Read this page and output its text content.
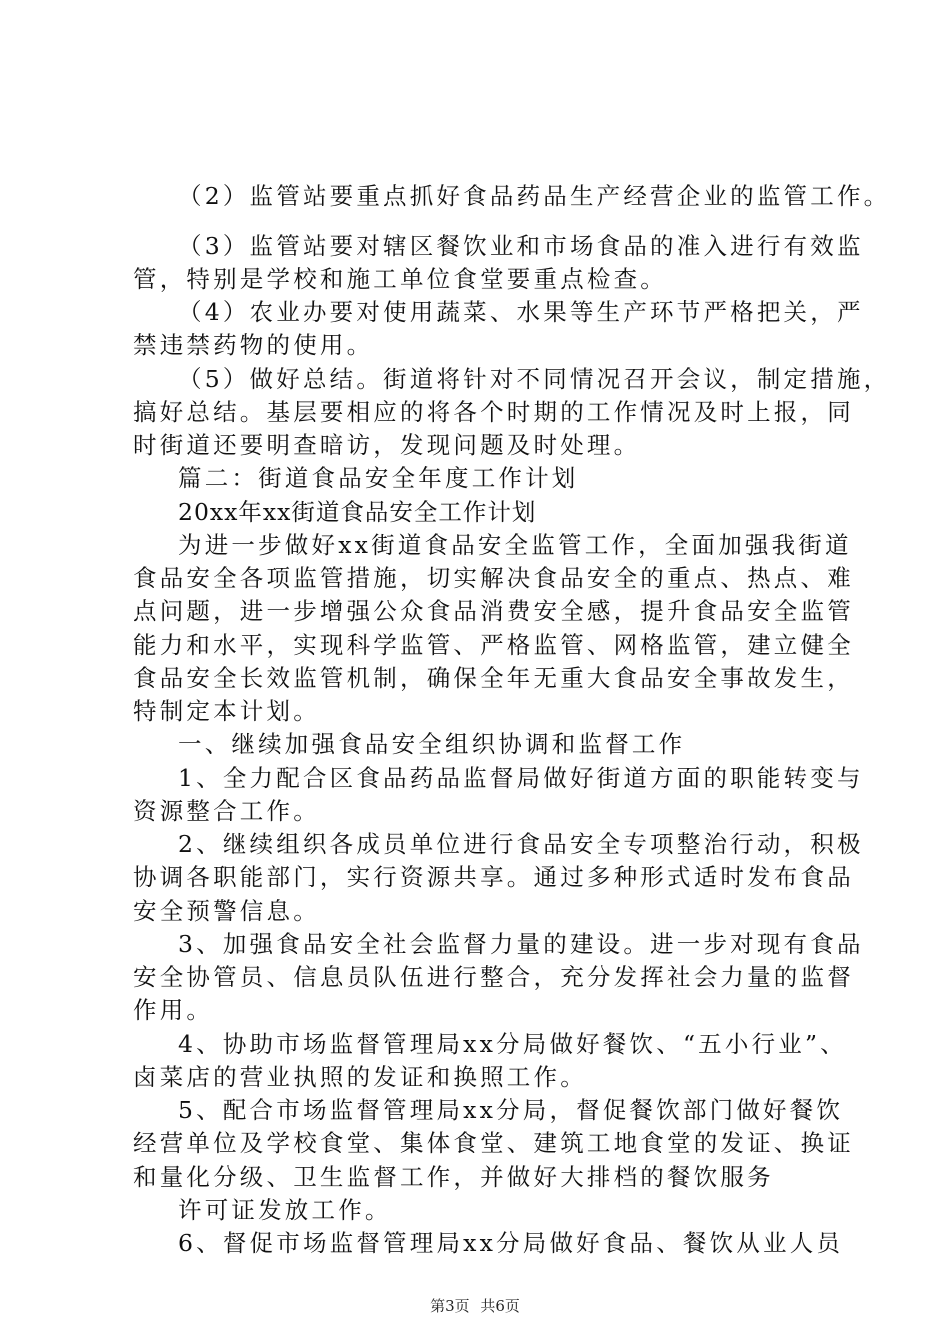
（2）监管站要重点抓好食品药品生产经营企业的监管工作。
（3）监管站要对辖区餐饮业和市场食品的准入进行有效监
管，特别是学校和施工单位食堂要重点检查。
（4）农业办要对使用蔬菜、水果等生产环节严格把关，严
禁违禁药物的使用。
（5）做好总结。街道将针对不同情况召开会议，制定措施，
搞好总结。基层要相应的将各个时期的工作情况及时上报，同
时街道还要明查暗访，发现问题及时处理。
篇二：街道食品安全年度工作计划
20xx年xx街道食品安全工作计划
为进一步做好xx街道食品安全监管工作，全面加强我街道
食品安全各项监管措施，切实解决食品安全的重点、热点、难
点问题，进一步增强公众食品消费安全感，提升食品安全监管
能力和水平，实现科学监管、严格监管、网格监管，建立健全
食品安全长效监管机制，确保全年无重大食品安全事故发生，
特制定本计划。
一、继续加强食品安全组织协调和监督工作
1、全力配合区食品药品监督局做好街道方面的职能转变与
资源整合工作。
2、继续组织各成员单位进行食品安全专项整治行动，积极
协调各职能部门，实行资源共享。通过多种形式适时发布食品
安全预警信息。
3、加强食品安全社会监督力量的建设。进一步对现有食品
安全协管员、信息员队伍进行整合，充分发挥社会力量的监督
作用。
4、协助市场监督管理局xx分局做好餐饮、“五小行业”、
卤菜店的营业执照的发证和换照工作。
5、配合市场监督管理局xx分局，督促餐饮部门做好餐饮
经营单位及学校食堂、集体食堂、建筑工地食堂的发证、换证
和量化分级、卫生监督工作，并做好大排档的餐饮服务
许可证发放工作。
6、督促市场监督管理局xx分局做好食品、餐饮从业人员
第3页 共6页
